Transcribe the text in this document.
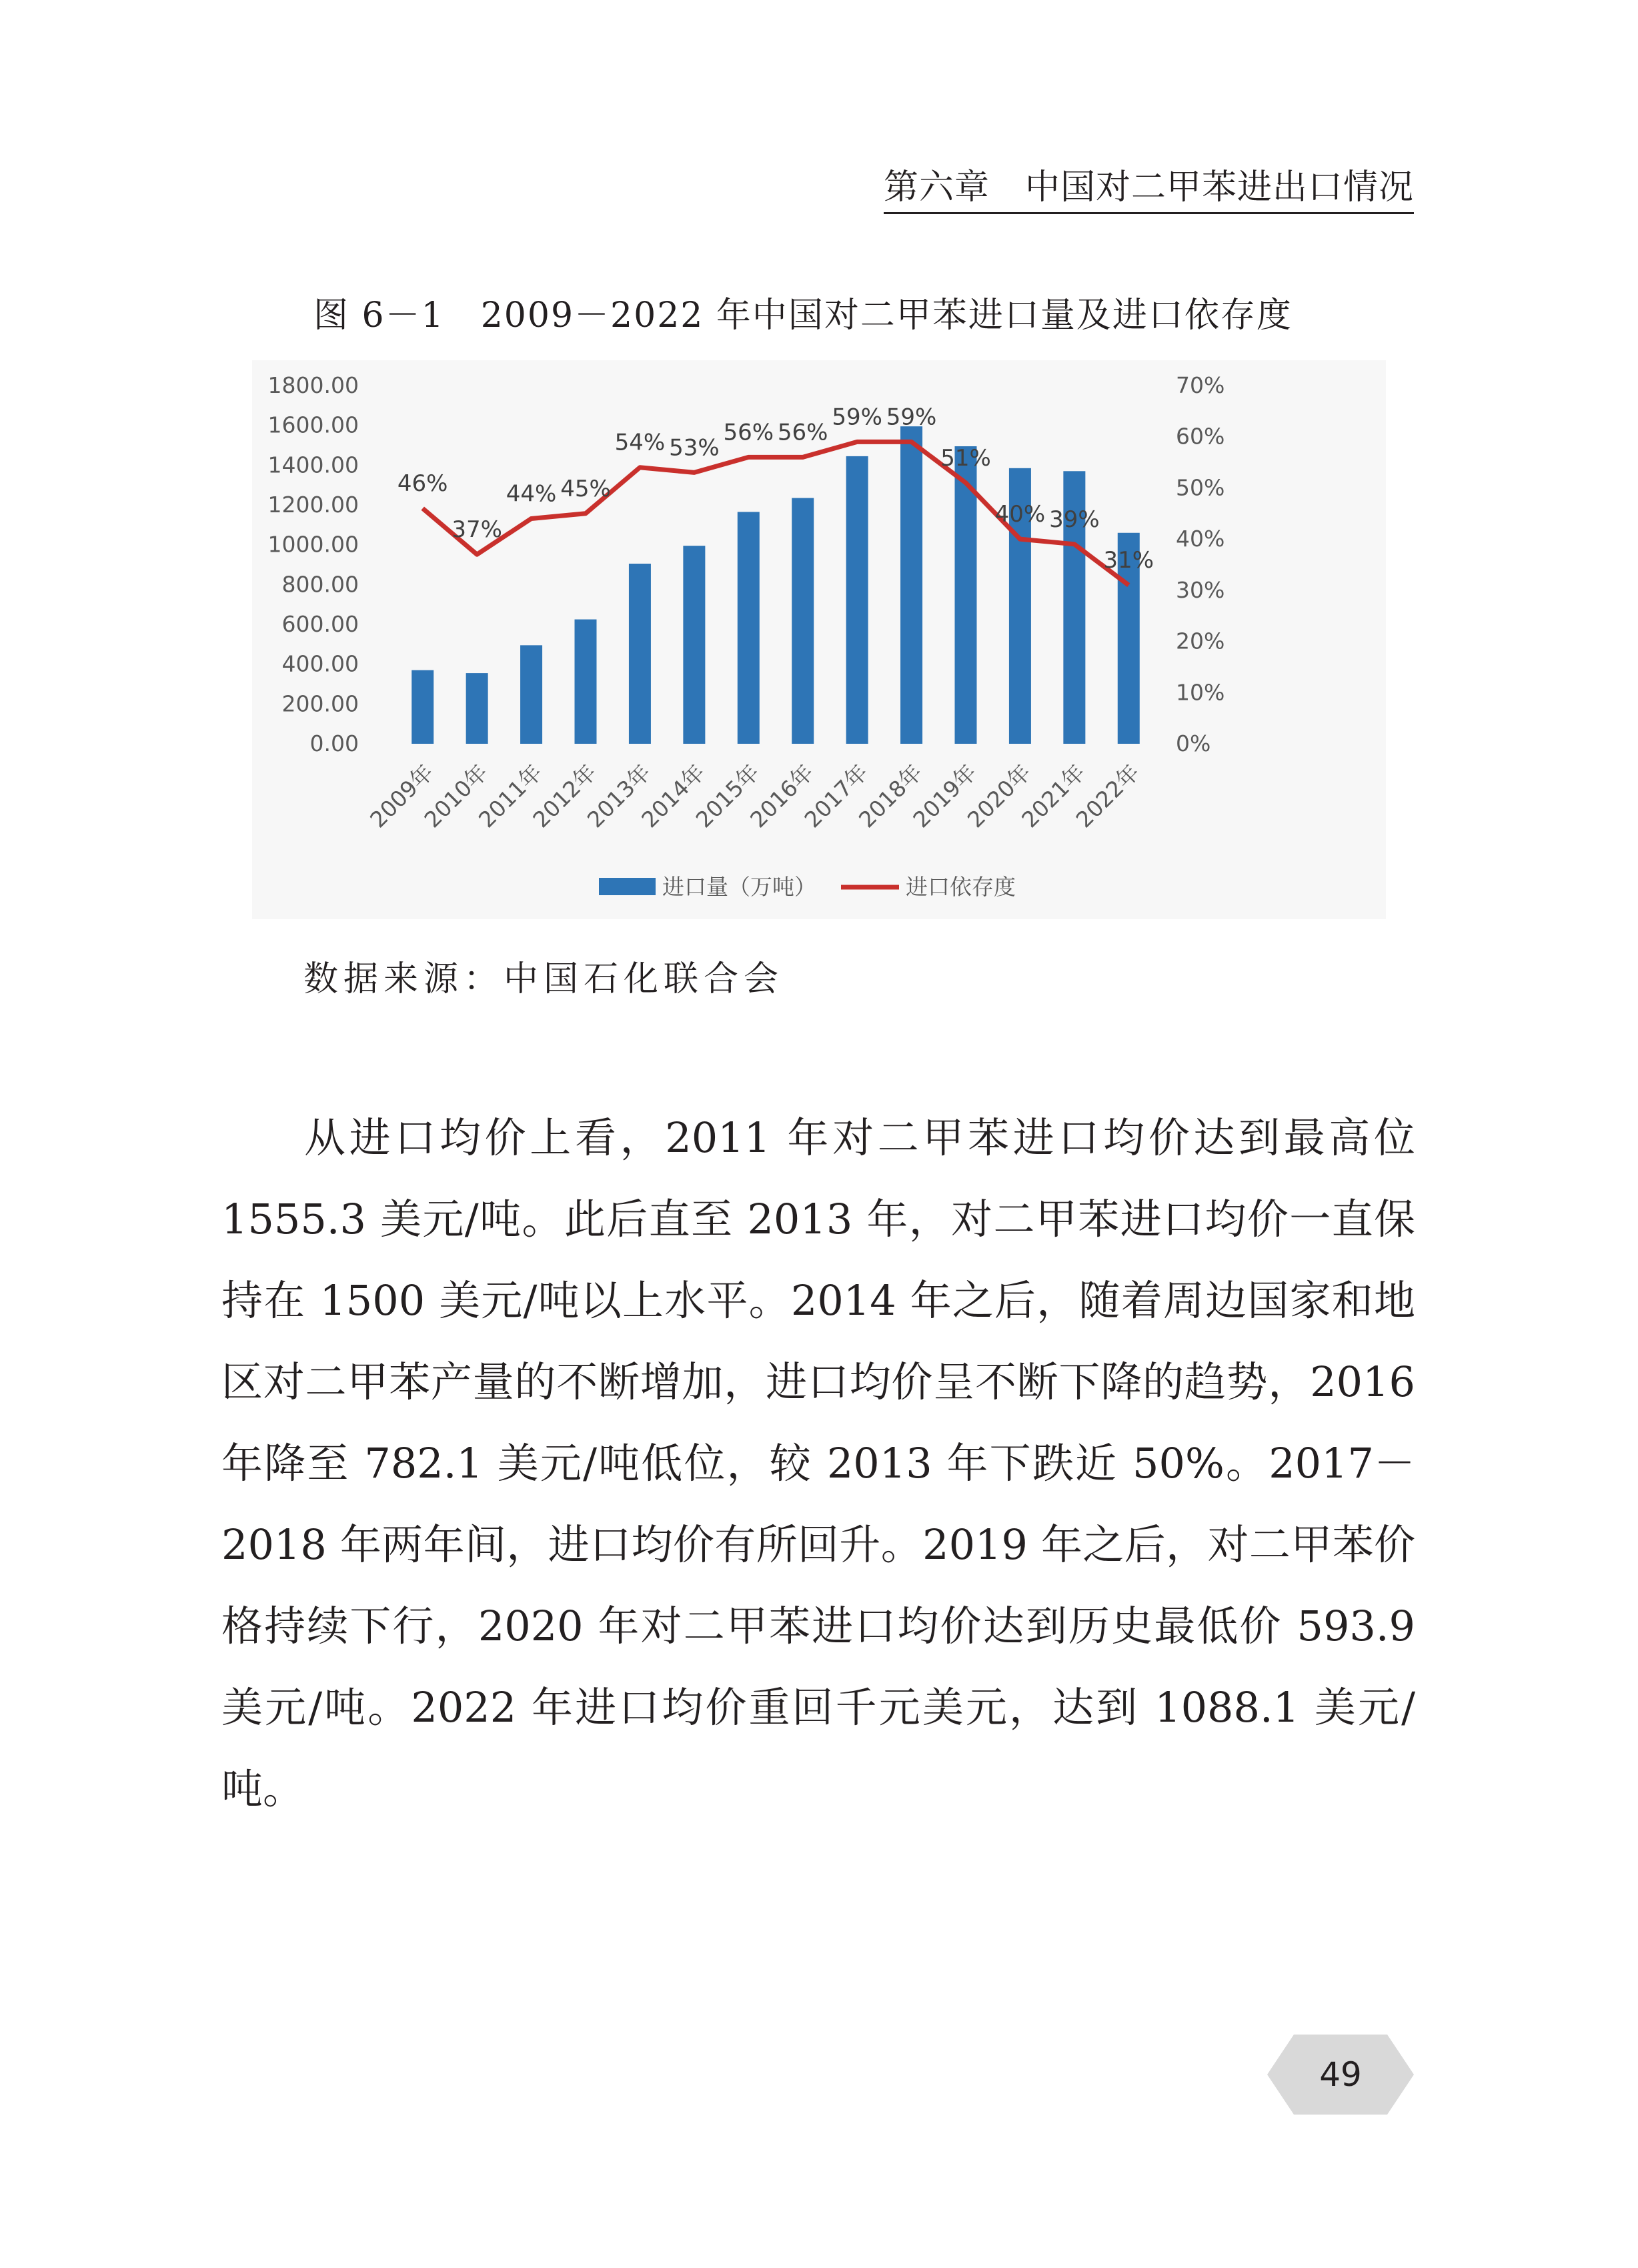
第六章　中国对二甲苯进出口情况
图 6－1　2009－2022 年中国对二甲苯进口量及进口依存度
0.00
200.00
400.00
600.00
800.00
1000.00
1200.00
1400.00
1600.00
1800.00
0%
10%
20%
30%
40%
50%
60%
70%
46%
37%
44% 45%
54% 53%
56% 56%
59% 59%
51%
40% 39%
31%
2009年
2010年
2011年
2012年
2013年
2014年
2015年
2016年
2017年
2018年
2019年
2020年
2021年
2022年
进口量（万吨）	进口依存度
数据来源：中国石化联合会

从进口均价上看，2011 年对二甲苯进口均价达到最高位 1555.3 美元/吨。此后直至 2013 年，对二甲苯进口均价一直保持在 1500 美元/吨以上水平。2014 年之后，随着周边国家和地区对二甲苯产量的不断增加，进口均价呈不断下降的趋势，2016 年降至 782.1 美元/吨低位，较 2013 年下跌近 50%。2017－2018 年两年间，进口均价有所回升。2019 年之后，对二甲苯价格持续下行，2020 年对二甲苯进口均价达到历史最低价 593.9 美元/吨。2022 年进口均价重回千元美元，达到 1088.1 美元/吨。

49
